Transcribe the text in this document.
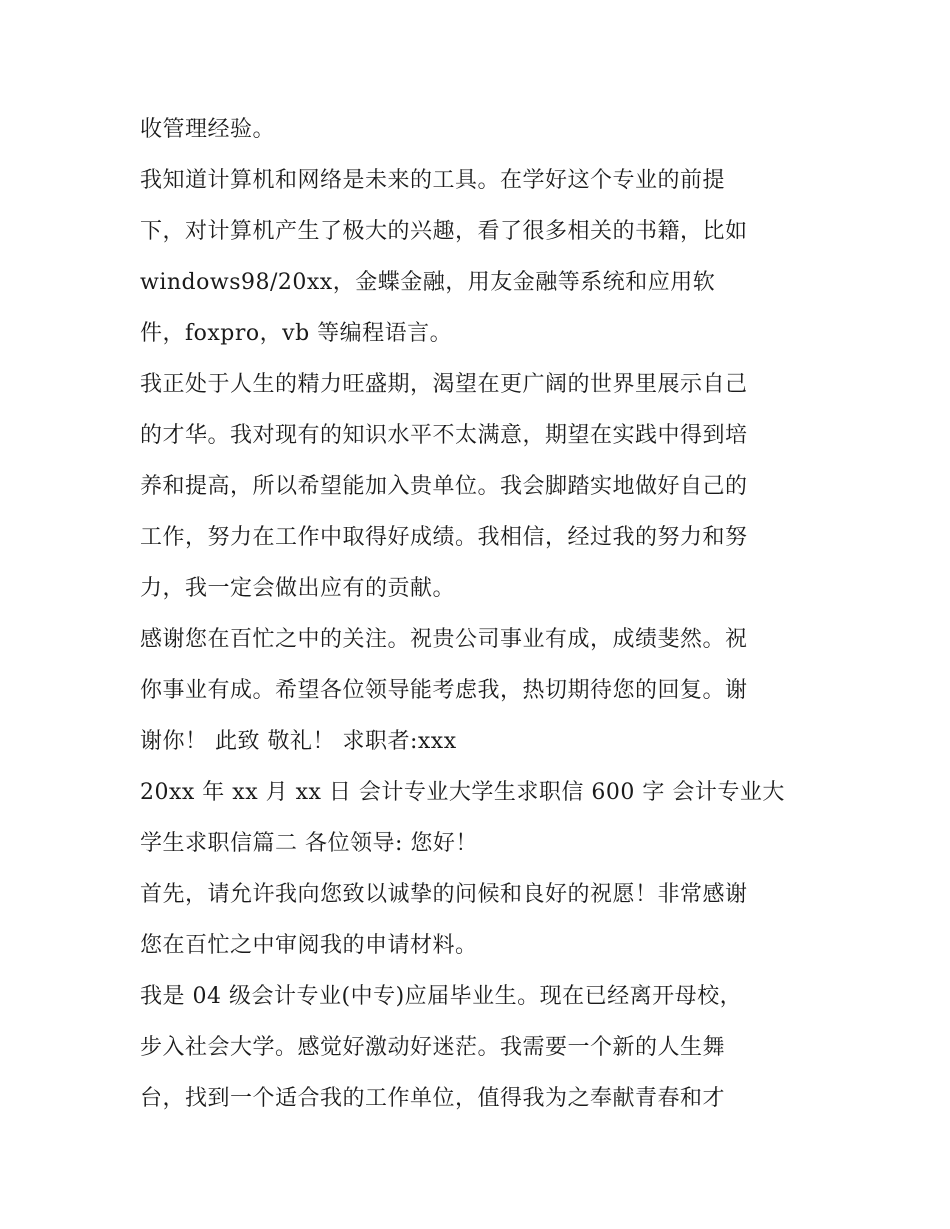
收管理经验。
我知道计算机和网络是未来的工具。在学好这个专业的前提
下，对计算机产生了极大的兴趣，看了很多相关的书籍，比如
windows98/20xx，金蝶金融，用友金融等系统和应用软
件，foxpro，vb 等编程语言。
我正处于人生的精力旺盛期，渴望在更广阔的世界里展示自己
的才华。我对现有的知识水平不太满意，期望在实践中得到培
养和提高，所以希望能加入贵单位。我会脚踏实地做好自己的
工作，努力在工作中取得好成绩。我相信，经过我的努力和努
力，我一定会做出应有的贡献。
感谢您在百忙之中的关注。祝贵公司事业有成，成绩斐然。祝
你事业有成。希望各位领导能考虑我，热切期待您的回复。谢
谢你！ 此致 敬礼！ 求职者:xxx
20xx 年 xx 月 xx 日 会计专业大学生求职信 600 字 会计专业大
学生求职信篇二 各位领导: 您好！
首先，请允许我向您致以诚挚的问候和良好的祝愿！非常感谢
您在百忙之中审阅我的申请材料。
我是 04 级会计专业(中专)应届毕业生。现在已经离开母校，
步入社会大学。感觉好激动好迷茫。我需要一个新的人生舞
台，找到一个适合我的工作单位，值得我为之奉献青春和才
